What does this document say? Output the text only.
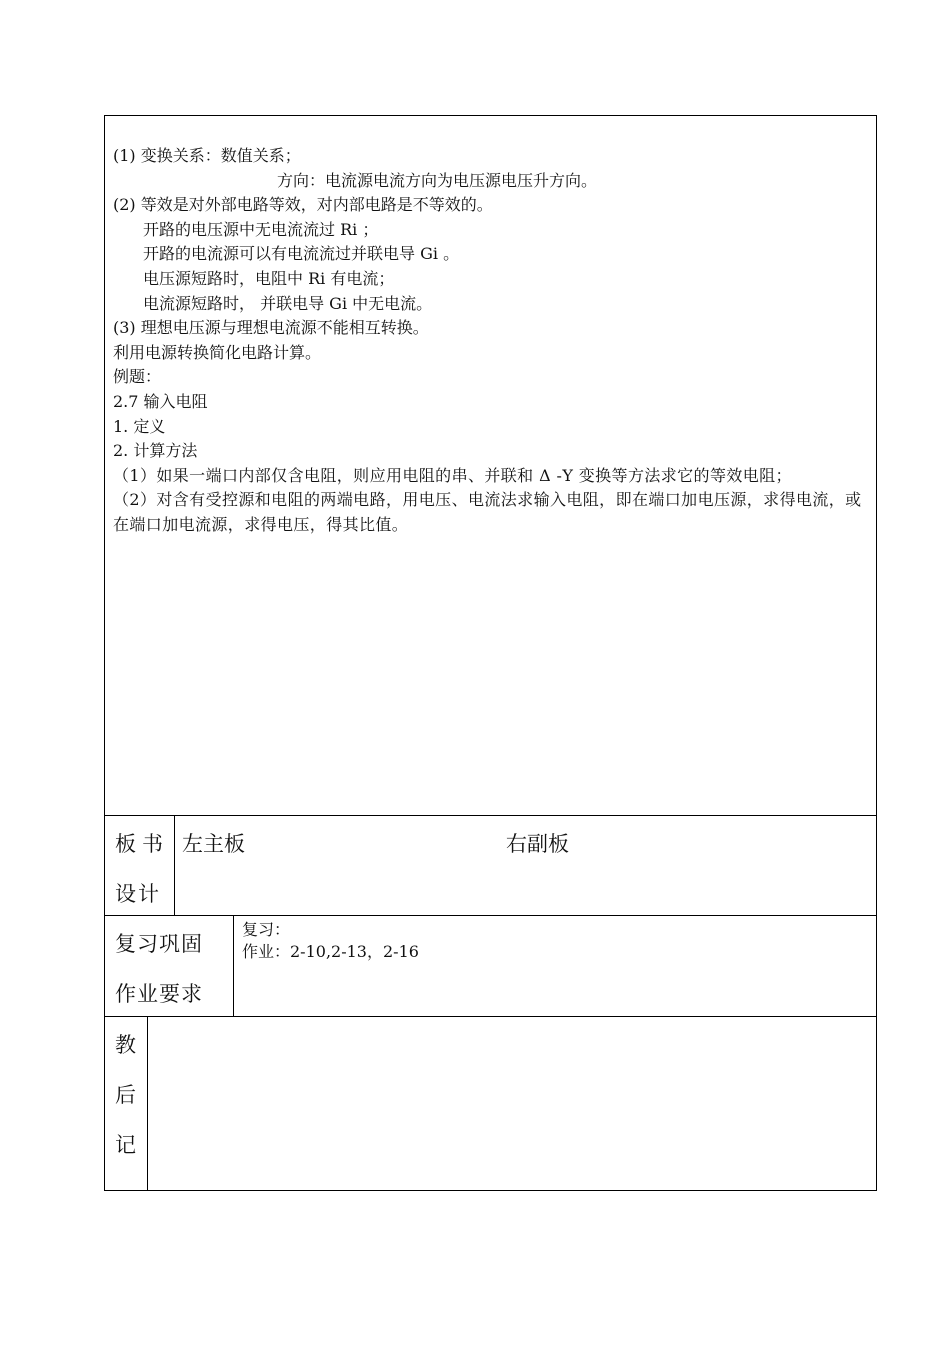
(1) 变换关系：数值关系；
方向：电流源电流方向为电压源电压升方向。
(2) 等效是对外部电路等效，对内部电路是不等效的。
开路的电压源中无电流流过 Ri ；
开路的电流源可以有电流流过并联电导 Gi 。
电压源短路时，电阻中 Ri 有电流；
电流源短路时， 并联电导 Gi 中无电流。
(3) 理想电压源与理想电流源不能相互转换。
利用电源转换简化电路计算。
例题：
2.7 输入电阻
1. 定义
2. 计算方法
（1）如果一端口内部仅含电阻，则应用电阻的串、并联和 Δ -Y 变换等方法求它的等效电阻；
（2）对含有受控源和电阻的两端电路，用电压、电流法求输入电阻，即在端口加电压源，求得电流，或在端口加电流源，求得电压，得其比值。
板书
设计
左主板	右副板
复习巩固
作业要求
复习：
作业：2-10,2-13，2-16
教
后
记
